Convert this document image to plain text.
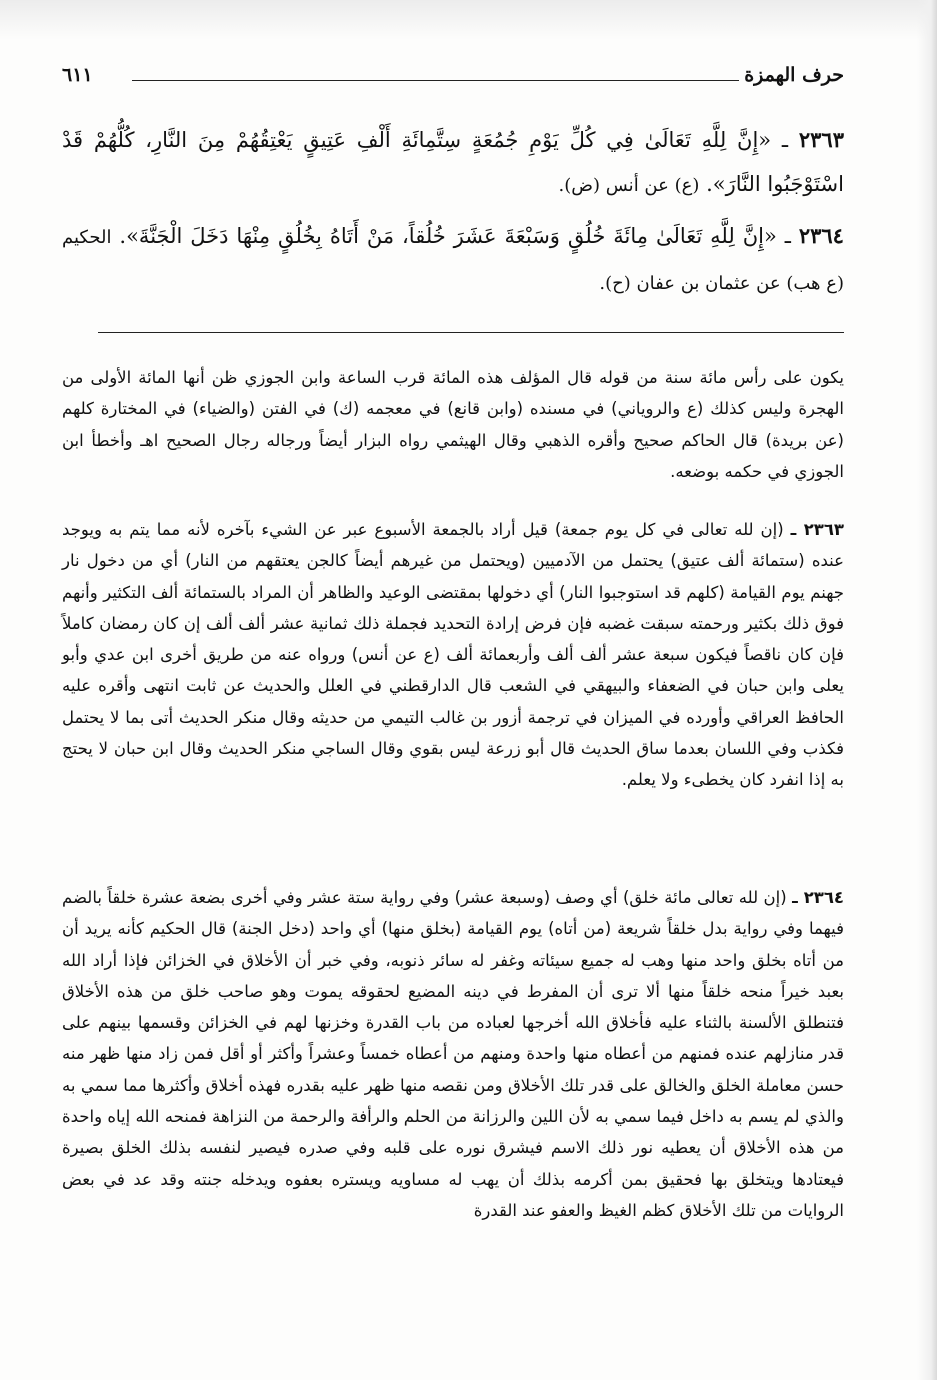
حرف الهمزة
٦١١
٢٣٦٣ ـ «إِنَّ لِلَّهِ تَعَالَىٰ فِي كُلِّ يَوْمِ جُمُعَةٍ سِتَّمِائَةِ أَلْفِ عَتِيقٍ يَعْتِقُهُمْ مِنَ النَّارِ، كُلُّهُمْ قَدْ اسْتَوْجَبُوا النَّارَ». (ع) عن أنس (ض).
٢٣٦٤ ـ «إِنَّ لِلَّهِ تَعَالَىٰ مِائَةَ خُلُقٍ وَسَبْعَةَ عَشَرَ خُلُقاً، مَنْ أَتَاهُ بِخُلُقٍ مِنْهَا دَخَلَ الْجَنَّةَ». الحكيم (ع هب) عن عثمان بن عفان (ح).

يكون على رأس مائة سنة من قوله قال المؤلف هذه المائة قرب الساعة وابن الجوزي ظن أنها المائة الأولى من الهجرة وليس كذلك (ع والروياني) في مسنده (وابن قانع) في معجمه (ك) في الفتن (والضياء) في المختارة كلهم (عن بريدة) قال الحاكم صحيح وأقره الذهبي وقال الهيثمي رواه البزار أيضاً ورجاله رجال الصحيح اهـ وأخطأ ابن الجوزي في حكمه بوضعه.

٢٣٦٣ ـ (إن لله تعالى في كل يوم جمعة) قيل أراد بالجمعة الأسبوع عبر عن الشيء بآخره لأنه مما يتم به ويوجد عنده (ستمائة ألف عتيق) يحتمل من الآدميين (ويحتمل من غيرهم أيضاً كالجن يعتقهم من النار) أي من دخول نار جهنم يوم القيامة (كلهم قد استوجبوا النار) أي دخولها بمقتضى الوعيد والظاهر أن المراد بالستمائة ألف التكثير وأنهم فوق ذلك بكثير ورحمته سبقت غضبه فإن فرض إرادة التحديد فجملة ذلك ثمانية عشر ألف ألف إن كان رمضان كاملاً فإن كان ناقصاً فيكون سبعة عشر ألف ألف وأربعمائة ألف (ع عن أنس) ورواه عنه من طريق أخرى ابن عدي وأبو يعلى وابن حبان في الضعفاء والبيهقي في الشعب قال الدارقطني في العلل والحديث عن ثابت انتهى وأقره عليه الحافظ العراقي وأورده في الميزان في ترجمة أزور بن غالب التيمي من حديثه وقال منكر الحديث أتى بما لا يحتمل فكذب وفي اللسان بعدما ساق الحديث قال أبو زرعة ليس بقوي وقال الساجي منكر الحديث وقال ابن حبان لا يحتج به إذا انفرد كان يخطىء ولا يعلم.

٢٣٦٤ ـ (إن لله تعالى مائة خلق) أي وصف (وسبعة عشر) وفي رواية ستة عشر وفي أخرى بضعة عشرة خلقاً بالضم فيهما وفي رواية بدل خلقاً شريعة (من أتاه) يوم القيامة (بخلق منها) أي واحد (دخل الجنة) قال الحكيم كأنه يريد أن من أتاه بخلق واحد منها وهب له جميع سيئاته وغفر له سائر ذنوبه، وفي خبر أن الأخلاق في الخزائن فإذا أراد الله بعبد خيراً منحه خلقاً منها ألا ترى أن المفرط في دينه المضيع لحقوقه يموت وهو صاحب خلق من هذه الأخلاق فتنطلق الألسنة بالثناء عليه فأخلاق الله أخرجها لعباده من باب القدرة وخزنها لهم في الخزائن وقسمها بينهم على قدر منازلهم عنده فمنهم من أعطاه منها واحدة ومنهم من أعطاه خمساً وعشراً وأكثر أو أقل فمن زاد منها ظهر منه حسن معاملة الخلق والخالق على قدر تلك الأخلاق ومن نقصه منها ظهر عليه بقدره فهذه أخلاق وأكثرها مما سمي به والذي لم يسم به داخل فيما سمي به لأن اللين والرزانة من الحلم والرأفة والرحمة من النزاهة فمنحه الله إياه واحدة من هذه الأخلاق أن يعطيه نور ذلك الاسم فيشرق نوره على قلبه وفي صدره فيصير لنفسه بذلك الخلق بصيرة فيعتادها ويتخلق بها فحقيق بمن أكرمه بذلك أن يهب له مساويه ويستره بعفوه ويدخله جنته وقد عد في بعض الروايات من تلك الأخلاق كظم الغيظ والعفو عند القدرة
